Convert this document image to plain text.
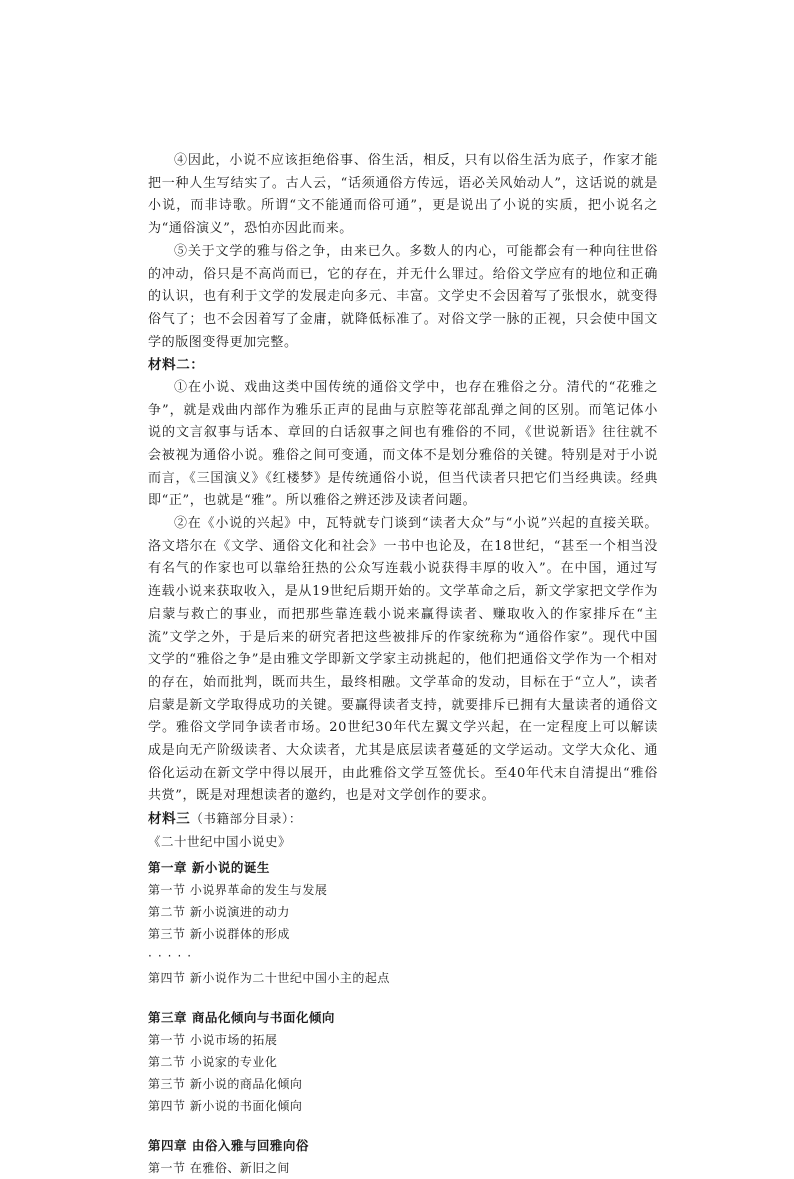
④因此，小说不应该拒绝俗事、俗生活，相反，只有以俗生活为底子，作家才能把一种人生写结实了。古人云，“话须通俗方传远，语必关风始动人”，这话说的就是小说，而非诗歌。所谓“文不能通而俗可通”，更是说出了小说的实质，把小说名之为“通俗演义”，恐怕亦因此而来。

⑤关于文学的雅与俗之争，由来已久。多数人的内心，可能都会有一种向往世俗的冲动，俗只是不高尚而已，它的存在，并无什么罪过。给俗文学应有的地位和正确的认识，也有利于文学的发展走向多元、丰富。文学史不会因着写了张恨水，就变得俗气了；也不会因着写了金庸，就降低标准了。对俗文学一脉的正视，只会使中国文学的版图变得更加完整。

材料二：

①在小说、戏曲这类中国传统的通俗文学中，也存在雅俗之分。清代的“花雅之争”，就是戏曲内部作为雅乐正声的昆曲与京腔等花部乱弹之间的区别。而笔记体小说的文言叙事与话本、章回的白话叙事之间也有雅俗的不同，《世说新语》往往就不会被视为通俗小说。雅俗之间可变通，而文体不是划分雅俗的关键。特别是对于小说而言，《三国演义》《红楼梦》是传统通俗小说，但当代读者只把它们当经典读。经典即“正”，也就是“雅”。所以雅俗之辨还涉及读者问题。

②在《小说的兴起》中，瓦特就专门谈到“读者大众”与“小说”兴起的直接关联。洛文塔尔在《文学、通俗文化和社会》一书中也论及，在18世纪，“甚至一个相当没有名气的作家也可以靠给狂热的公众写连载小说获得丰厚的收入”。在中国，通过写连载小说来获取收入，是从19世纪后期开始的。文学革命之后，新文学家把文学作为启蒙与救亡的事业，而把那些靠连载小说来赢得读者、赚取收入的作家排斥在“主流”文学之外，于是后来的研究者把这些被排斥的作家统称为“通俗作家”。现代中国文学的“雅俗之争”是由雅文学即新文学家主动挑起的，他们把通俗文学作为一个相对的存在，始而批判，既而共生，最终相融。文学革命的发动，目标在于“立人”，读者启蒙是新文学取得成功的关键。要赢得读者支持，就要排斥已拥有大量读者的通俗文学。雅俗文学同争读者市场。20世纪30年代左翼文学兴起，在一定程度上可以解读成是向无产阶级读者、大众读者，尤其是底层读者蔓延的文学运动。文学大众化、通俗化运动在新文学中得以展开，由此雅俗文学互签优长。至40年代末自清提出“雅俗共赏”，既是对理想读者的邀约，也是对文学创作的要求。

材料三（书籍部分目录）：

《二十世纪中国小说史》

第一章 新小说的诞生

第一节 小说界革命的发生与发展

第二节 新小说演进的动力

第三节 新小说群体的形成

·····

第四节 新小说作为二十世纪中国小主的起点

第三章 商品化倾向与书面化倾向

第一节 小说市场的拓展

第二节 小说家的专业化

第三节 新小说的商品化倾向

第四节 新小说的书面化倾向

第四章 由俗入雅与回雅向俗

第一节 在雅俗、新旧之间
